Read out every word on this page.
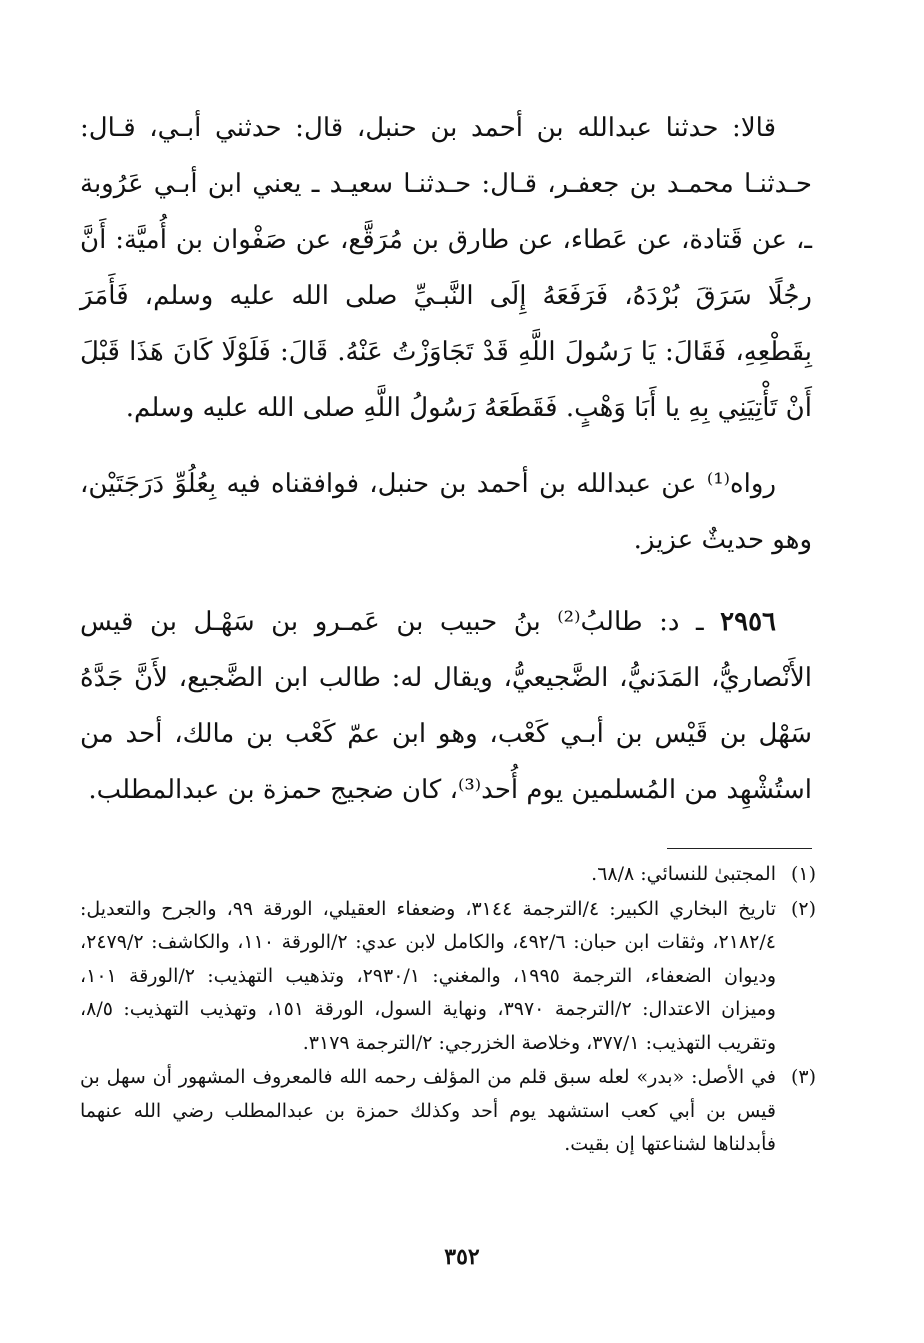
قالا: حدثنا عبدالله بن أحمد بن حنبل، قال: حدثني أبـي، قـال: حـدثنـا محمـد بن جعفـر، قـال: حـدثنـا سعيـد ـ يعني ابن أبـي عَرُوبة ـ، عن قَتادة، عن عَطاء، عن طارق بن مُرَقَّع، عن صَفْوان بن أُميَّة: أَنَّ رجُلًا سَرَقَ بُرْدَهُ، فَرَفَعَهُ إِلَى النَّبـيِّ صلى الله عليه وسلم، فَأَمَرَ بِقَطْعِهِ، فَقَالَ: يَا رَسُولَ اللَّهِ قَدْ تَجَاوَزْتُ عَنْهُ. قَالَ: فَلَوْلَا كَانَ هَذَا قَبْلَ أَنْ تَأْتِيَنِي بِهِ يا أَبَا وَهْبٍ. فَقَطَعَهُ رَسُولُ اللَّهِ صلى الله عليه وسلم.

رواه⁽¹⁾ عن عبدالله بن أحمد بن حنبل، فوافقناه فيه بِعُلُوِّ دَرَجَتَيْن، وهو حديثٌ عزيز.

٢٩٥٦ ـ د: طالبُ⁽²⁾ بنُ حبيب بن عَمـرو بن سَهْـل بن قيس الأَنْصاريُّ، المَدَنيُّ، الضَّجيعيُّ، ويقال له: طالب ابن الضَّجيع، لأَنَّ جَدَّهُ سَهْل بن قَيْس بن أبـي كَعْب، وهو ابن عمّ كَعْب بن مالك، أحد من استُشْهِد من المُسلمين يوم أُحد⁽³⁾، كان ضجيج حمزة بن عبدالمطلب.

(١)
المجتبىٰ للنسائي: ٦٨/٨.

(٢)
تاريخ البخاري الكبير: ٤/الترجمة ٣١٤٤، وضعفاء العقيلي، الورقة ٩٩، والجرح والتعديل: ٢١٨٢/٤، وثقات ابن حبان: ٤٩٢/٦، والكامل لابن عدي: ٢/الورقة ١١٠، والكاشف: ٢٤٧٩/٢، وديوان الضعفاء، الترجمة ١٩٩٥، والمغني: ٢٩٣٠/١، وتذهيب التهذيب: ٢/الورقة ١٠١، وميزان الاعتدال: ٢/الترجمة ٣٩٧٠، ونهاية السول، الورقة ١٥١، وتهذيب التهذيب: ٨/٥، وتقريب التهذيب: ٣٧٧/١، وخلاصة الخزرجي: ٢/الترجمة ٣١٧٩.

(٣)
في الأصل: «بدر» لعله سبق قلم من المؤلف رحمه الله فالمعروف المشهور أن سهل بن قيس بن أبي كعب استشهد يوم أحد وكذلك حمزة بن عبدالمطلب رضي الله عنهما فأبدلناها لشناعتها إن بقيت.

٣٥٢
